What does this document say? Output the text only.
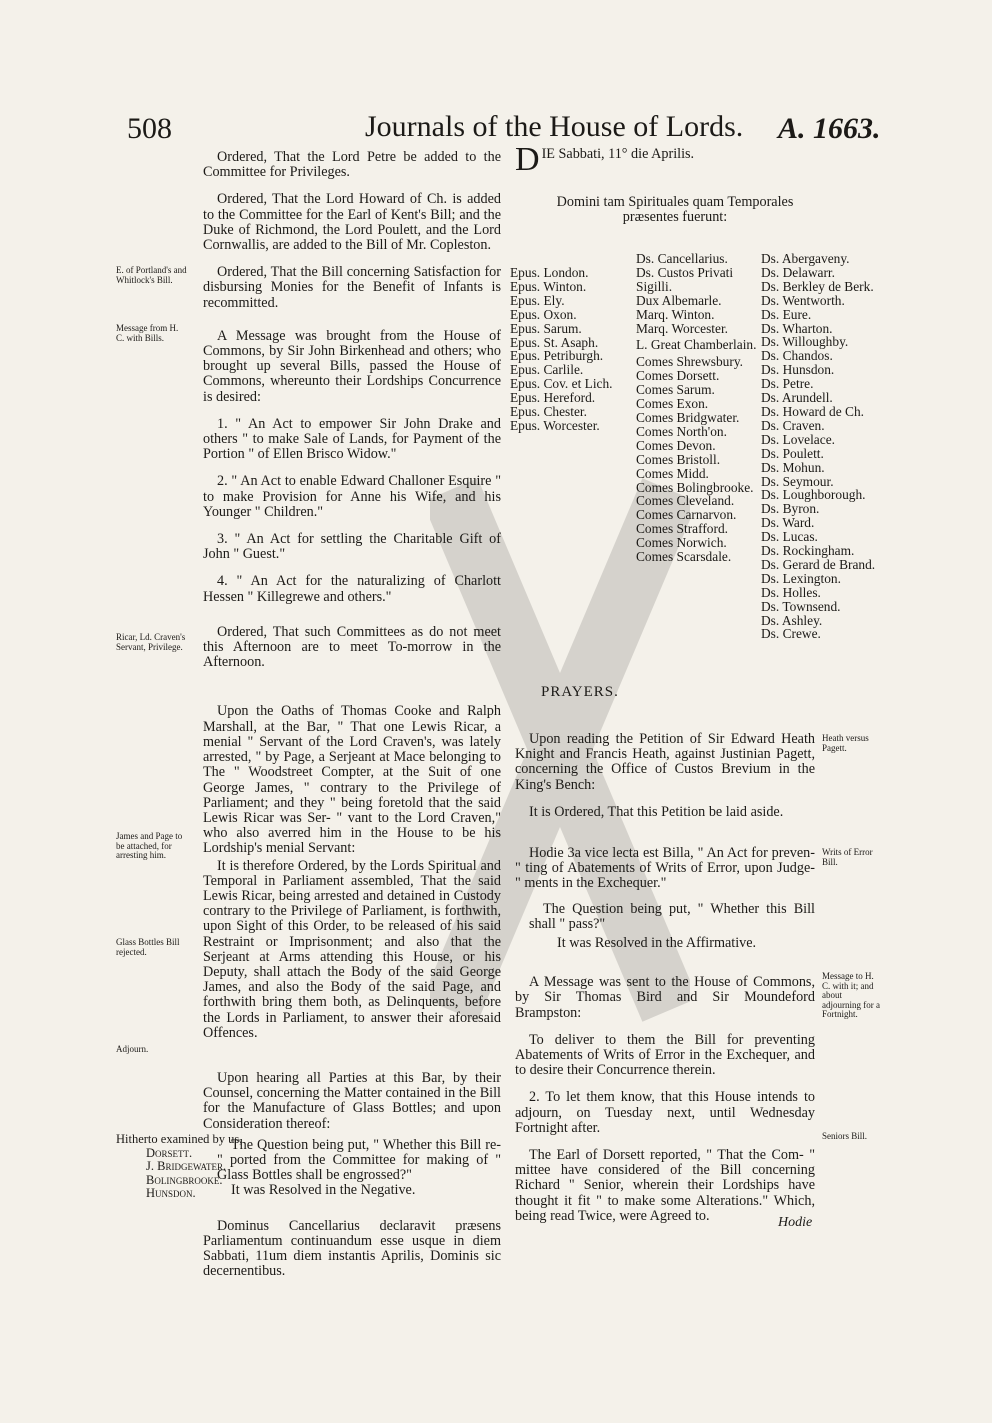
508	Journals of the House of Lords. A. 1663.
E. of Portland's and Whitlock's Bill.
Message from H. C. with Bills.
Ricar, Ld. Craven's Servant, Privilege.
James and Page to be attached, for arresting him.
Glass Bottles Bill rejected.
Adjourn.

Ordered, That the Lord Petre be added to the Committee for Privileges.

Ordered, That the Lord Howard of Ch. is added to the Committee for the Earl of Kent's Bill; and the Duke of Richmond, the Lord Poulett, and the Lord Cornwallis, are added to the Bill of Mr. Copleston.

Ordered, That the Bill concerning Satisfaction for disbursing Monies for the Benefit of Infants is recommitted.

A Message was brought from the House of Commons, by Sir John Birkenhead and others; who brought up several Bills, passed the House of Commons, whereunto their Lordships Concurrence is desired:

1. " An Act to empower Sir John Drake and others " to make Sale of Lands, for Payment of the Portion " of Ellen Brisco Widow."

2. " An Act to enable Edward Challoner Esquire " to make Provision for Anne his Wife, and his Younger " Children."

3. " An Act for settling the Charitable Gift of John " Guest."

4. " An Act for the naturalizing of Charlott Hessen " Killegrewe and others."

Ordered, That such Committees as do not meet this Afternoon are to meet To-morrow in the Afternoon.

Upon the Oaths of Thomas Cooke and Ralph Marshall, at the Bar, " That one Lewis Ricar, a menial " Servant of the Lord Craven's, was lately arrested, " by Page, a Serjeant at Mace belonging to The " Woodstreet Compter, at the Suit of one George James, " contrary to the Privilege of Parliament; and they " being foretold that the said Lewis Ricar was Ser- " vant to the Lord Craven," who also averred him in the House to be his Lordship's menial Servant:

It is therefore Ordered, by the Lords Spiritual and Temporal in Parliament assembled, That the said Lewis Ricar, being arrested and detained in Custody contrary to the Privilege of Parliament, is forthwith, upon Sight of this Order, to be released of his said Restraint or Imprisonment; and also that the Serjeant at Arms attending this House, or his Deputy, shall attach the Body of the said George James, and also the Body of the said Page, and forthwith bring them both, as Delinquents, before the Lords in Parliament, to answer their aforesaid Offences.

Upon hearing all Parties at this Bar, by their Counsel, concerning the Matter contained in the Bill for the Manufacture of Glass Bottles; and upon Consideration thereof:

The Question being put, " Whether this Bill re- " ported from the Committee for making of " Glass Bottles shall be engrossed?"

It was Resolved in the Negative.

Dominus Cancellarius declaravit præsens Parliamentum continuandum esse usque in diem Sabbati, 11um diem instantis Aprilis, Dominis sic decernentibus.

Hitherto examined by us,
Dorsett.
J. Bridgewater.
Bolingbrooke.
Hunsdon.
D IE Sabbati, 11° die Aprilis.
Domini tam Spirituales quam Temporales præsentes fuerunt:
Epus. London.
Epus. Winton.
Epus. Ely.
Epus. Oxon.
Epus. Sarum.
Epus. St. Asaph.
Epus. Petriburgh.
Epus. Carlile.
Epus. Cov. et Lich.
Epus. Hereford.
Epus. Chester.
Epus. Worcester.
Ds. Cancellarius.
Ds. Custos Privati Sigilli.
Dux Albemarle.
Marq. Winton.
Marq. Worcester.
L. Great Chamberlain.
Comes Shrewsbury.
Comes Dorsett.
Comes Sarum.
Comes Exon.
Comes Bridgwater.
Comes North'on.
Comes Devon.
Comes Bristoll.
Comes Midd.
Comes Bolingbrooke.
Comes Cleveland.
Comes Carnarvon.
Comes Strafford.
Comes Norwich.
Comes Scarsdale.
Ds. Abergaveny.
Ds. Delawarr.
Ds. Berkley de Berk.
Ds. Wentworth.
Ds. Eure.
Ds. Wharton.
Ds. Willoughby.
Ds. Chandos.
Ds. Hunsdon.
Ds. Petre.
Ds. Arundell.
Ds. Howard de Ch.
Ds. Craven.
Ds. Lovelace.
Ds. Poulett.
Ds. Mohun.
Ds. Seymour.
Ds. Loughborough.
Ds. Byron.
Ds. Ward.
Ds. Lucas.
Ds. Rockingham.
Ds. Gerard de Brand.
Ds. Lexington.
Ds. Holles.
Ds. Townsend.
Ds. Ashley.
Ds. Crewe.
PRAYERS.

Upon reading the Petition of Sir Edward Heath Knight and Francis Heath, against Justinian Pagett, concerning the Office of Custos Brevium in the King's Bench:

It is Ordered, That this Petition be laid aside.

Hodie 3a vice lecta est Billa, " An Act for preven- " ting of Abatements of Writs of Error, upon Judge- " ments in the Exchequer."

The Question being put, " Whether this Bill shall " pass?"

It was Resolved in the Affirmative.

A Message was sent to the House of Commons, by Sir Thomas Bird and Sir Moundeford Brampston:

To deliver to them the Bill for preventing Abatements of Writs of Error in the Exchequer, and to desire their Concurrence therein.

2. To let them know, that this House intends to adjourn, on Tuesday next, until Wednesday Fortnight after.

The Earl of Dorsett reported, " That the Com- " mittee have considered of the Bill concerning Richard " Senior, wherein their Lordships have thought it fit " to make some Alterations." Which, being read Twice, were Agreed to.

Heath versus Pagett.
Writs of Error Bill.
Message to H. C. with it; and about adjourning for a Fortnight.
Seniors Bill.
Hodie
